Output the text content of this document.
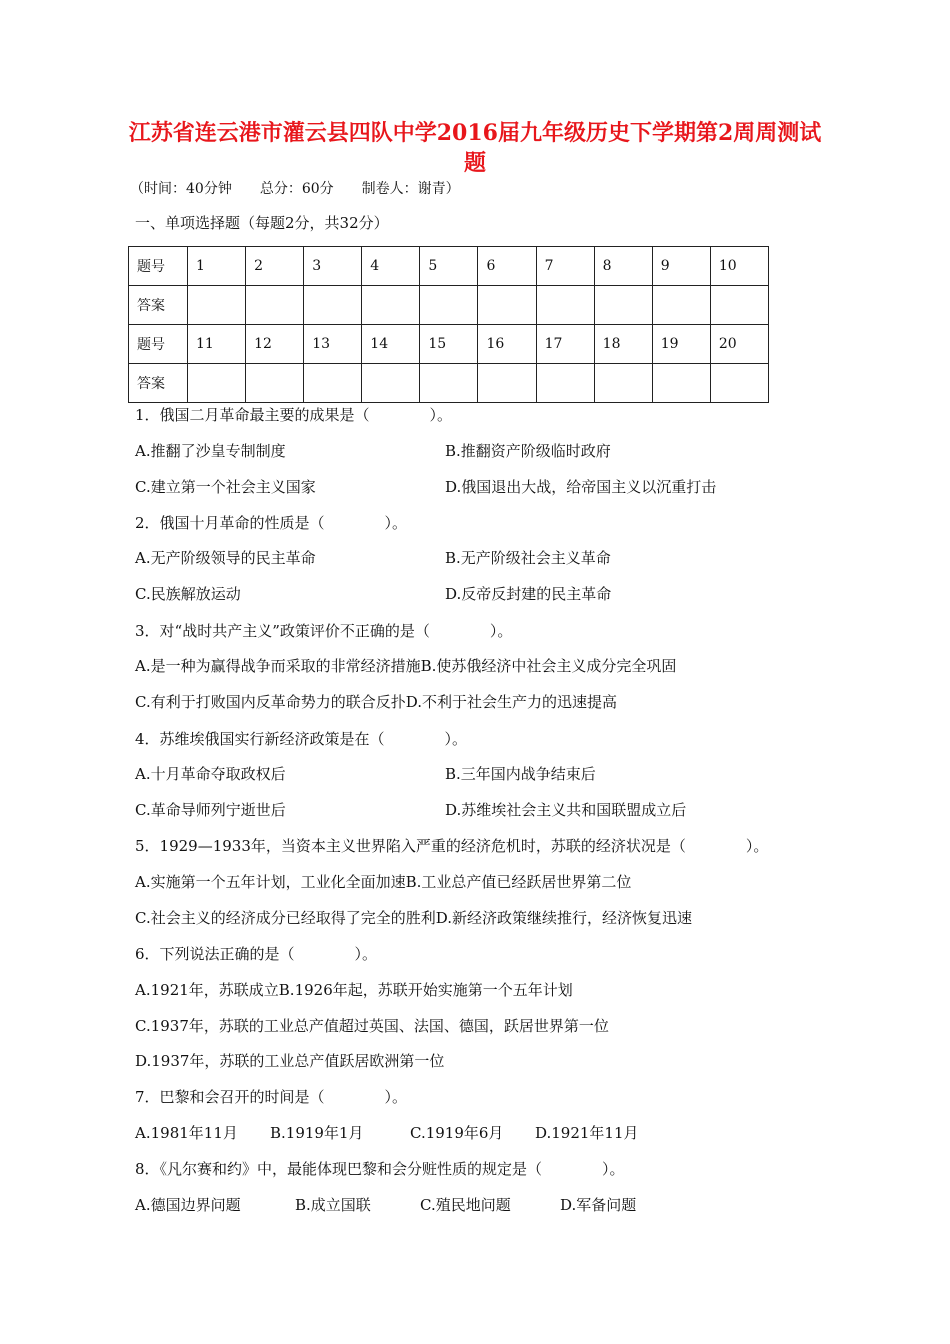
江苏省连云港市灌云县四队中学2016届九年级历史下学期第2周周测试题
（时间：40分钟　　总分：60分　　制卷人：谢青）
一、单项选择题（每题2分，共32分）
题号	1	2	3	4	5	6	7	8	9	10
答案										
题号	11	12	13	14	15	16	17	18	19	20
答案										
1．俄国二月革命最主要的成果是（　　　　）。
A.推翻了沙皇专制制度	B.推翻资产阶级临时政府
C.建立第一个社会主义国家	D.俄国退出大战，给帝国主义以沉重打击
2．俄国十月革命的性质是（　　　　）。
A.无产阶级领导的民主革命	B.无产阶级社会主义革命
C.民族解放运动	D.反帝反封建的民主革命
3．对“战时共产主义”政策评价不正确的是（　　　　）。
A.是一种为赢得战争而采取的非常经济措施B.使苏俄经济中社会主义成分完全巩固
C.有利于打败国内反革命势力的联合反扑D.不利于社会生产力的迅速提高
4．苏维埃俄国实行新经济政策是在（　　　　）。
A.十月革命夺取政权后	B.三年国内战争结束后
C.革命导师列宁逝世后	D.苏维埃社会主义共和国联盟成立后
5．1929—1933年，当资本主义世界陷入严重的经济危机时，苏联的经济状况是（　　　　）。
A.实施第一个五年计划，工业化全面加速B.工业总产值已经跃居世界第二位
C.社会主义的经济成分已经取得了完全的胜利D.新经济政策继续推行，经济恢复迅速
6．下列说法正确的是（　　　　）。
A.1921年，苏联成立B.1926年起，苏联开始实施第一个五年计划
C.1937年，苏联的工业总产值超过英国、法国、德国，跃居世界第一位
D.1937年，苏联的工业总产值跃居欧洲第一位
7．巴黎和会召开的时间是（　　　　）。
A.1981年11月 B.1919年1月	C.1919年6月 D.1921年11月
8．《凡尔赛和约》中，最能体现巴黎和会分赃性质的规定是（　　　　）。
A.德国边界问题	B.成立国联	C.殖民地问题	D.军备问题
